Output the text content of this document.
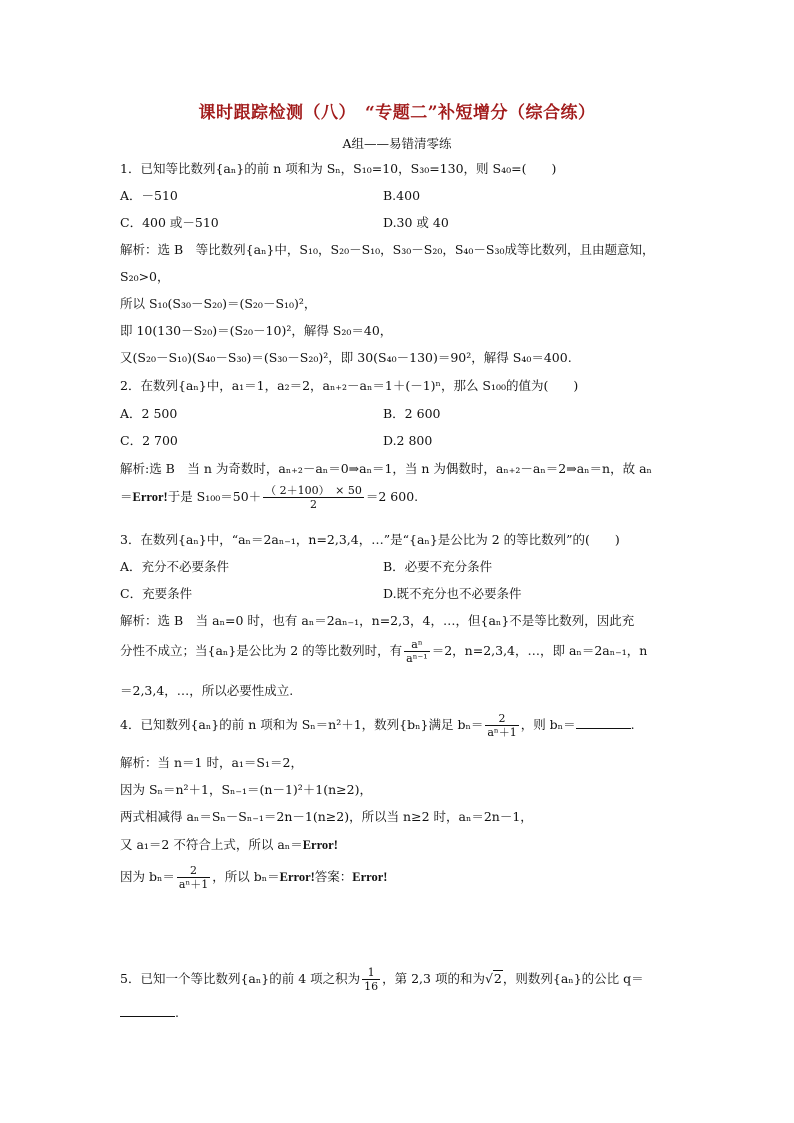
课时跟踪检测（八）　“专题二”补短增分（综合练）
A组——易错清零练
1．已知等比数列{aₙ}的前 n 项和为 Sₙ，S₁₀=10，S₃₀=130，则 S₄₀=(　　)
A．－510	B.400
C．400 或－510	D.30 或 40
解析：选 B　等比数列{aₙ}中，S₁₀，S₂₀－S₁₀，S₃₀－S₂₀，S₄₀－S₃₀成等比数列，且由题意知，
S₂₀>0，
所以 S₁₀(S₃₀－S₂₀)＝(S₂₀－S₁₀)²，
即 10(130－S₂₀)＝(S₂₀－10)²，解得 S₂₀＝40，
又(S₂₀－S₁₀)(S₄₀－S₃₀)＝(S₃₀－S₂₀)²，即 30(S₄₀－130)＝90²，解得 S₄₀＝400.
2．在数列{aₙ}中，a₁＝1，a₂＝2，aₙ₊₂－aₙ＝1＋(－1)ⁿ，那么 S₁₀₀的值为(　　)
A．2 500	B．2 600
C．2 700	D.2 800
解析:选 B　当 n 为奇数时，aₙ₊₂－aₙ＝0⇒aₙ＝1，当 n 为偶数时，aₙ₊₂－aₙ＝2⇒aₙ＝n，故 aₙ
＝Error!于是 $S_{100}=50+ \frac{( 2+100) \times 50}{2} =2$ 600.
3．在数列{aₙ}中，“aₙ＝2aₙ₋₁，n=2,3,4，…”是“{aₙ}是公比为 2 的等比数列”的(　　)
A．充分不必要条件	B．必要不充分条件
C．充要条件	D.既不充分也不必要条件
解析：选 B　当 aₙ=0 时，也有 aₙ＝2aₙ₋₁，n=2,3，4，…，但{aₙ}不是等比数列，因此充
分性不成立；当{aₙ}是公比为 2 的等比数列时，有 $\frac{\text{aⁿ}}{\text{aⁿ⁻¹}} =2$，n=2,3,4，…，即 aₙ＝2aₙ₋₁，n
＝2,3,4，…，所以必要性成立.
4．已知数列{aₙ}的前 n 项和为 Sₙ＝n²＋1，数列{bₙ}满足 $b_n= \frac{2}{\text{aⁿ＋1}}$ ，则 bₙ＝	.
解析：当 n＝1 时，a₁＝S₁＝2，
因为 Sₙ＝n²＋1，Sₙ₋₁＝(n－1)²＋1(n≥2)，
两式相减得 aₙ＝Sₙ－Sₙ₋₁＝2n－1(n≥2)，所以当 n≥2 时，aₙ＝2n－1，
又 a₁＝2 不符合上式，所以 aₙ＝Error!
因为 $b_n= \frac{2}{\text{aⁿ＋1}}$ ，所以 bₙ＝Error!答案：Error!
5．已知一个等比数列{aₙ}的前 4 项之积为 $\frac{1}{16}$ ，第 2,3 项的和为√2，则数列{aₙ}的公比 q＝
.
